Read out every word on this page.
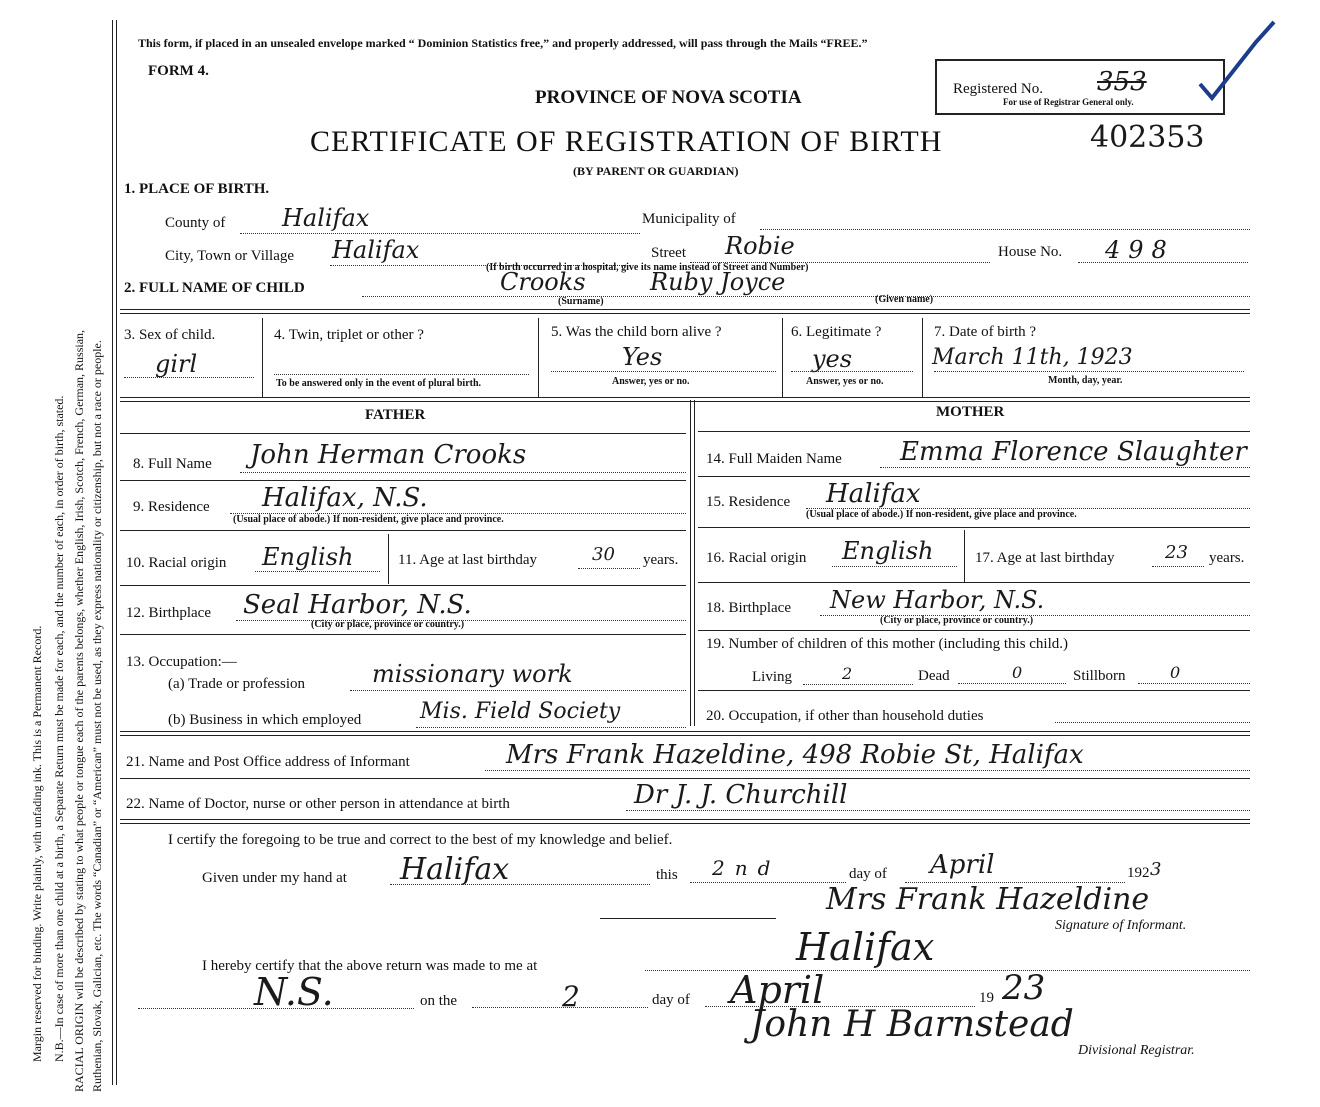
Margin reserved for binding. Write plainly, with unfading ink. This is a Permanent Record. N.B.—In case of more than one child at a birth, a Separate Return must be made for each, and the number of each, in order of birth, stated. RACIAL ORIGIN will be described by stating to what people or tongue each of the parents belongs, whether English, Irish, Scotch, French, German, Russian, Ruthenian, Slovak, Galician, etc. The words “Canadian” or “American” must not be used, as they express nationality or citizenship, but not a race or people.
This form, if placed in an unsealed envelope marked “ Dominion Statistics free,” and properly addressed, will pass through the Mails “FREE.”
FORM 4.
PROVINCE OF NOVA SCOTIA
CERTIFICATE OF REGISTRATION OF BIRTH
(BY PARENT OR GUARDIAN)
402353
Registered No. 353
For use of Registrar General only.
1. PLACE OF BIRTH.
County of Halifax	Municipality of
City, Town or Village Halifax	Street Robie	House No. 498
(If birth occurred in a hospital, give its name instead of Street and Number)
2. FULL NAME OF CHILD	Crooks	Ruby Joyce
(Surname)	(Given name)
3. Sex of child.
girl
4. Twin, triplet or other ?
To be answered only in the event of plural birth.
5. Was the child born alive ?
Yes
Answer, yes or no.
6. Legitimate ?
yes
Answer, yes or no.
7. Date of birth ?
March 11th, 1923
Month, day, year.
FATHER	MOTHER
8. Full Name John Herman Crooks
9. Residence Halifax, N.S.
(Usual place of abode.) If non-resident, give place and province.
10. Racial origin English	11. Age at last birthday	30 years.
12. Birthplace Seal Harbor, N.S.
(City or place, province or country.)
13. Occupation:—
(a) Trade or profession	missionary work
(b) Business in which employed	Mis. Field Society
14. Full Maiden Name Emma Florence Slaughter
15. Residence Halifax
(Usual place of abode.) If non-resident, give place and province.
16. Racial origin English	17. Age at last birthday	23 years.
18. Birthplace New Harbor, N.S.
(City or place, province or country.)
19. Number of children of this mother (including this child.)
Living	2	Dead	0	Stillborn	0
20. Occupation, if other than household duties
21. Name and Post Office address of Informant	Mrs Frank Hazeldine, 498 Robie St, Halifax
22. Name of Doctor, nurse or other person in attendance at birth	Dr J. J. Churchill
I certify the foregoing to be true and correct to the best of my knowledge and belief.
Given under my hand at Halifax	this 2nd	day of April	192 3
Mrs Frank Hazeldine
Signature of Informant.
I hereby certify that the above return was made to me at	Halifax
N.S.	on the	2	day of April	19 23
John H Barnstead
Divisional Registrar.
